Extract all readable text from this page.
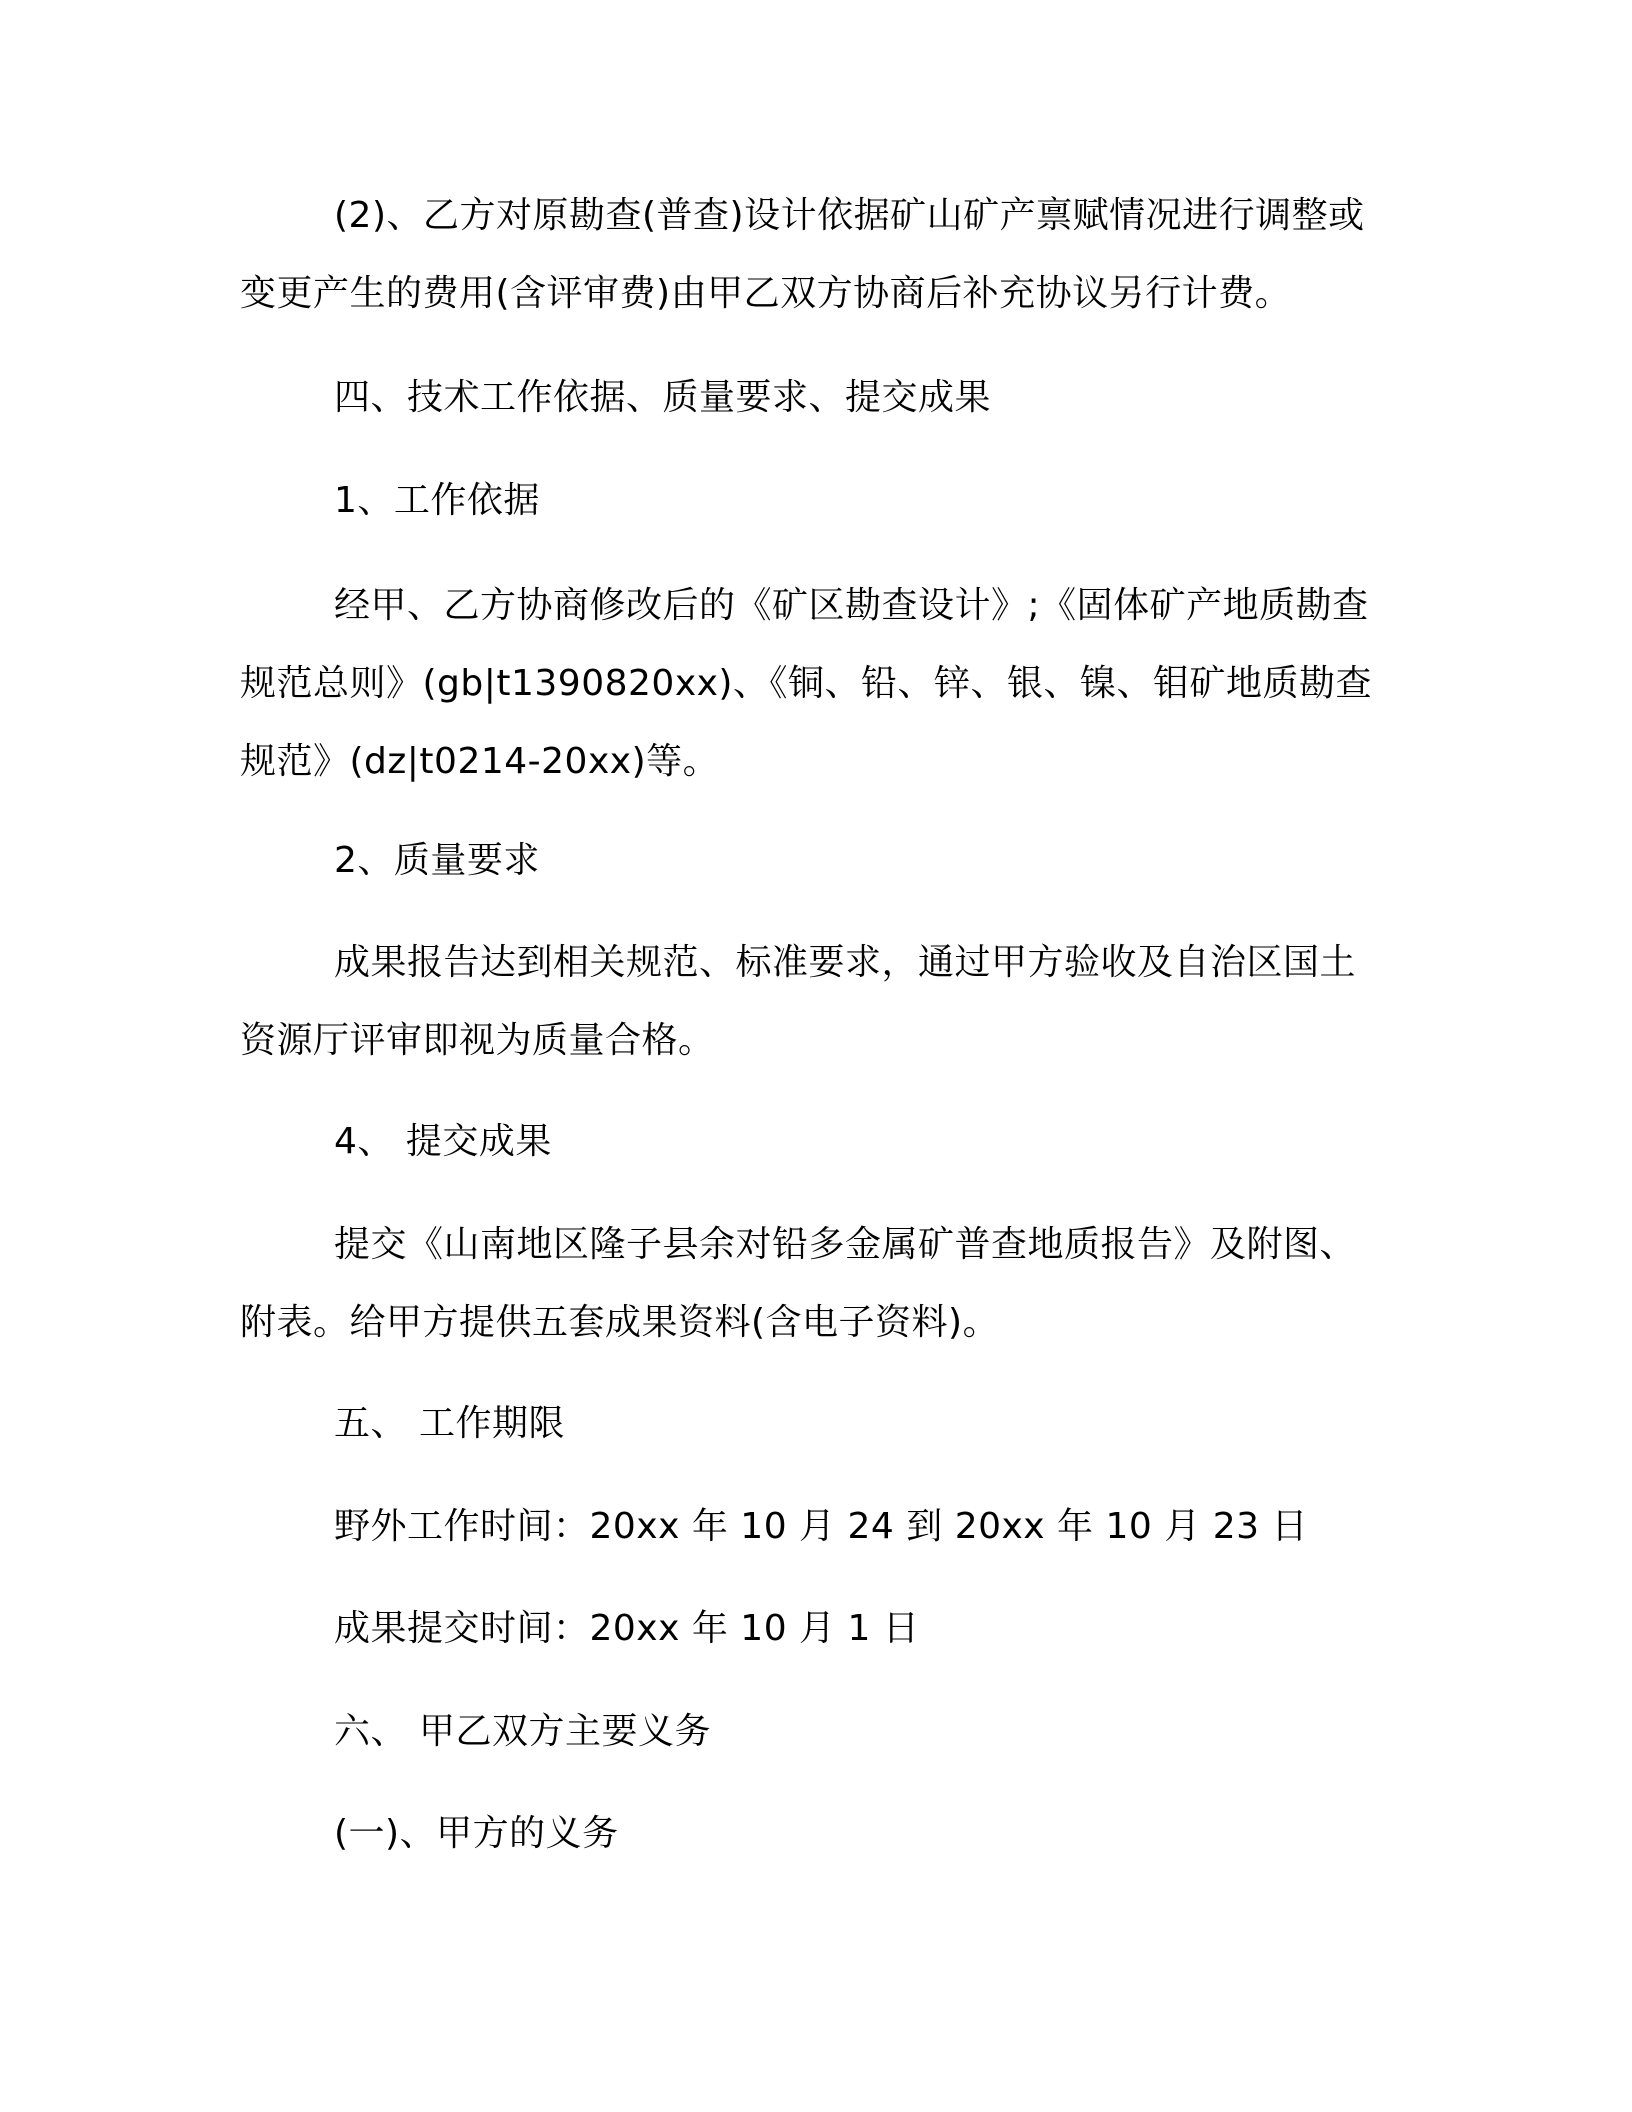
(2)、乙方对原勘查(普查)设计依据矿山矿产禀赋情况进行调整或变更产生的费用(含评审费)由甲乙双方协商后补充协议另行计费。

四、技术工作依据、质量要求、提交成果

1、工作依据

经甲、乙方协商修改后的《矿区勘查设计》;《固体矿产地质勘查规范总则》(gb|t1390820xx)、《铜、铅、锌、银、镍、钼矿地质勘查规范》(dz|t0214-20xx)等。

2、质量要求

成果报告达到相关规范、标准要求，通过甲方验收及自治区国土资源厅评审即视为质量合格。

4、 提交成果

提交《山南地区隆子县余对铅多金属矿普查地质报告》及附图、附表。给甲方提供五套成果资料(含电子资料)。

五、 工作期限

野外工作时间：20xx 年 10 月 24 到 20xx 年 10 月 23 日

成果提交时间：20xx 年 10 月 1 日

六、 甲乙双方主要义务

(一)、甲方的义务
